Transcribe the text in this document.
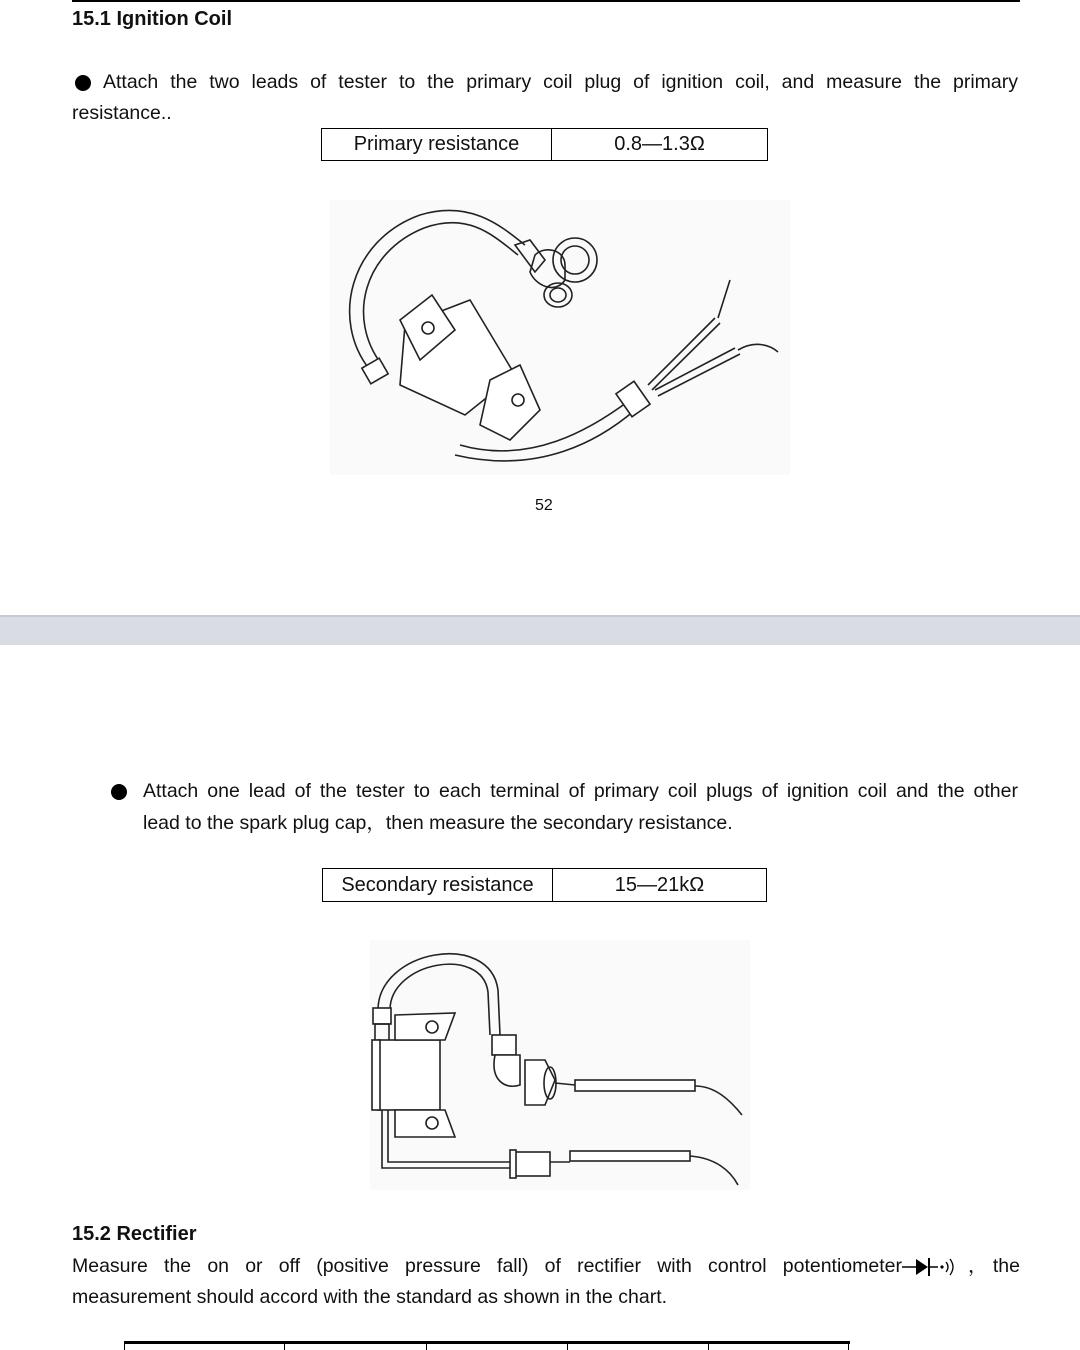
15.1 Ignition Coil
Attach the two leads of tester to the primary coil plug of ignition coil, and measure the primary
resistance..
Primary resistance	0.8—1.3Ω
52
Attach one lead of the tester to each terminal of primary coil plugs of ignition coil and the other
lead to the spark plug cap，then measure the secondary resistance.
Secondary resistance	15—21kΩ
15.2 Rectifier
Measure the on or off (positive pressure fall) of rectifier with control potentiometer	， the
measurement should accord with the standard as shown in the chart.
